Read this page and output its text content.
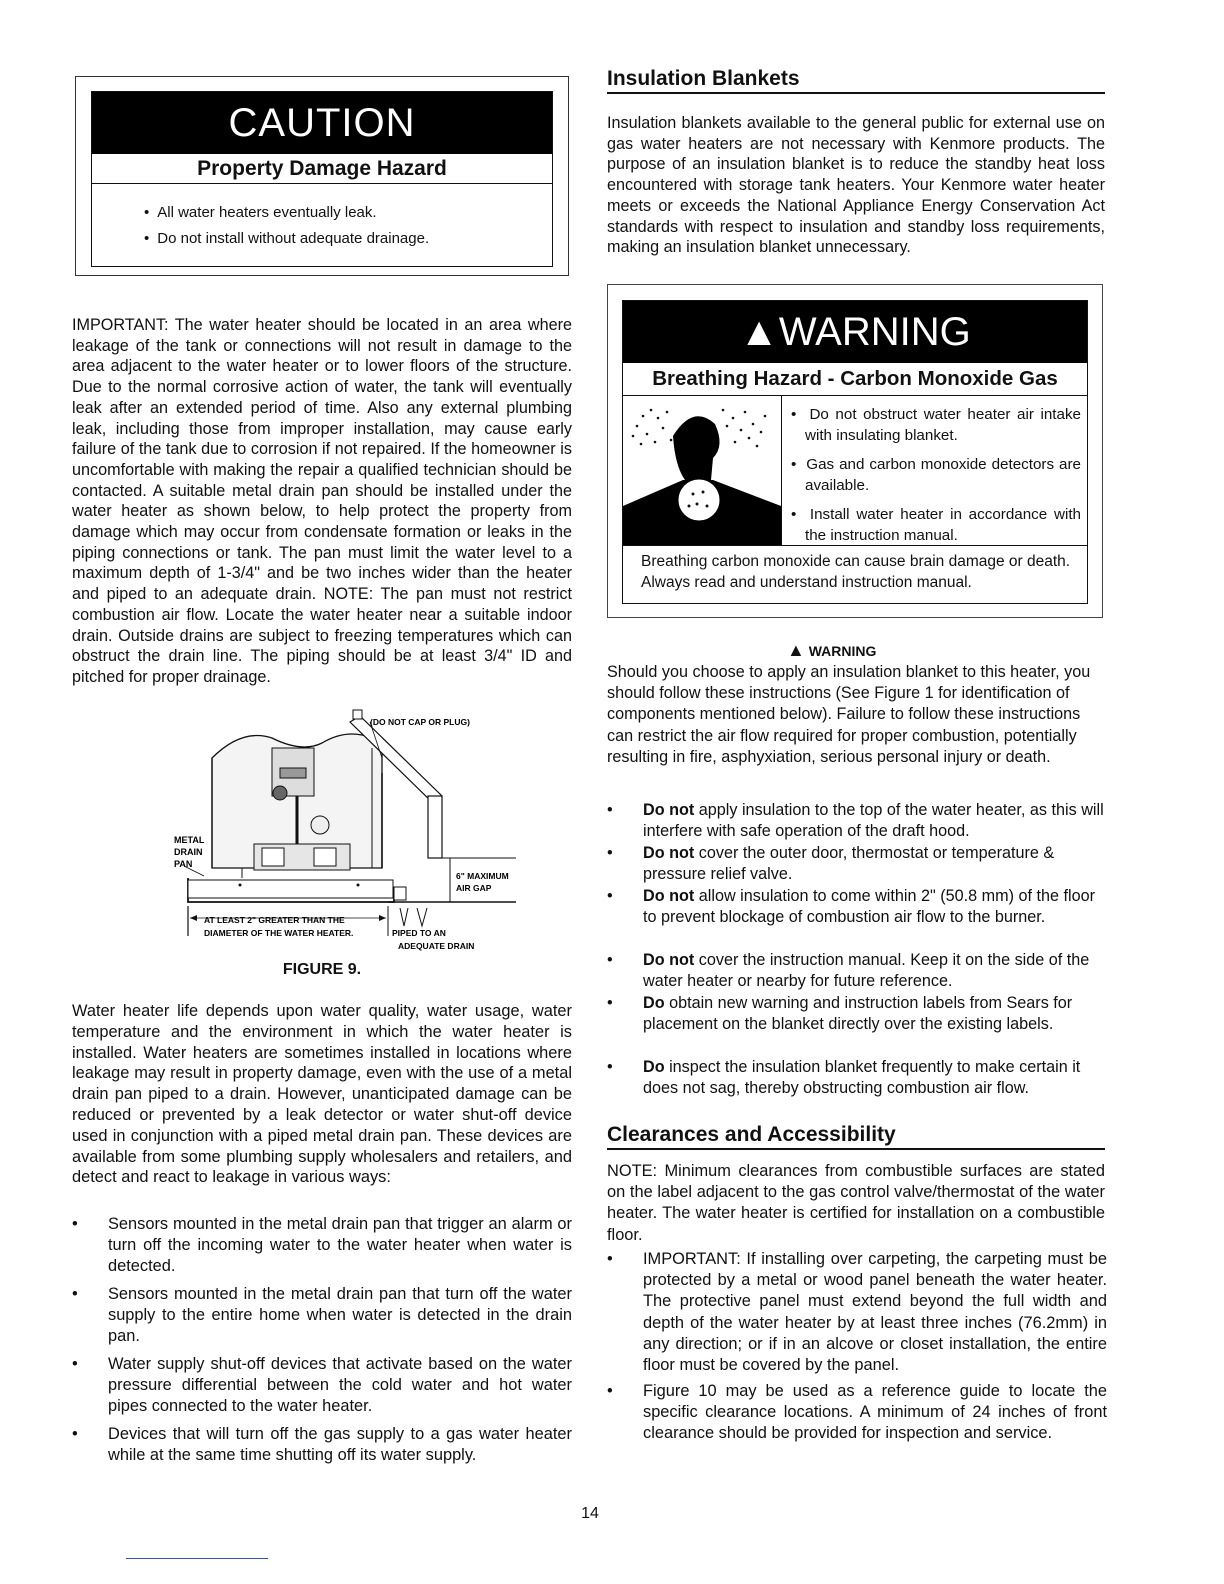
CAUTION
Property Damage Hazard
• All water heaters eventually leak.
• Do not install without adequate drainage.

IMPORTANT: The water heater should be located in an area where leakage of the tank or connections will not result in damage to the area adjacent to the water heater or to lower floors of the structure. Due to the normal corrosive action of water, the tank will eventually leak after an extended period of time. Also any external plumbing leak, including those from improper installation, may cause early failure of the tank due to corrosion if not repaired. If the homeowner is uncomfortable with making the repair a qualified technician should be contacted. A suitable metal drain pan should be installed under the water heater as shown below, to help protect the property from damage which may occur from condensate formation or leaks in the piping connections or tank. The pan must limit the water level to a maximum depth of 1-3/4" and be two inches wider than the heater and piped to an adequate drain. NOTE: The pan must not restrict combustion air flow. Locate the water heater near a suitable indoor drain. Outside drains are subject to freezing temperatures which can obstruct the drain line. The piping should be at least 3/4" ID and pitched for proper drainage.

(DO NOT CAP OR PLUG)
METAL
DRAIN
PAN
6" MAXIMUM
AIR GAP
AT LEAST 2" GREATER THAN THE
DIAMETER OF THE WATER HEATER.	PIPED TO AN
ADEQUATE DRAIN
FIGURE 9.

Water heater life depends upon water quality, water usage, water temperature and the environment in which the water heater is installed. Water heaters are sometimes installed in locations where leakage may result in property damage, even with the use of a metal drain pan piped to a drain. However, unanticipated damage can be reduced or prevented by a leak detector or water shut-off device used in conjunction with a piped metal drain pan. These devices are available from some plumbing supply wholesalers and retailers, and detect and react to leakage in various ways:

• Sensors mounted in the metal drain pan that trigger an alarm or turn off the incoming water to the water heater when water is detected.
• Sensors mounted in the metal drain pan that turn off the water supply to the entire home when water is detected in the drain pan.
• Water supply shut-off devices that activate based on the water pressure differential between the cold water and hot water pipes connected to the water heater.
• Devices that will turn off the gas supply to a gas water heater while at the same time shutting off its water supply.
Insulation Blankets

Insulation blankets available to the general public for external use on gas water heaters are not necessary with Kenmore products. The purpose of an insulation blanket is to reduce the standby heat loss encountered with storage tank heaters. Your Kenmore water heater meets or exceeds the National Appliance Energy Conservation Act standards with respect to insulation and standby loss requirements, making an insulation blanket unnecessary.

▲WARNING
Breathing Hazard - Carbon Monoxide Gas
•  Do not obstruct water heater air intake with insulating blanket.
•  Gas and carbon monoxide detectors are available.
•  Install water heater in accordance with the instruction manual.
Breathing carbon monoxide can cause brain damage or death. Always read and understand instruction manual.
▲ WARNING

Should you choose to apply an insulation blanket to this heater, you should follow these instructions (See Figure 1 for identification of components mentioned below). Failure to follow these instructions can restrict the air flow required for proper combustion, potentially resulting in fire, asphyxiation, serious personal injury or death.

• Do not apply insulation to the top of the water heater, as this will interfere with safe operation of the draft hood.
• Do not cover the outer door, thermostat or temperature & pressure relief valve.
• Do not allow insulation to come within 2" (50.8 mm) of the floor to prevent blockage of combustion air flow to the burner.
• Do not cover the instruction manual. Keep it on the side of the water heater or nearby for future reference.
• Do obtain new warning and instruction labels from Sears for placement on the blanket directly over the existing labels.
• Do inspect the insulation blanket frequently to make certain it does not sag, thereby obstructing combustion air flow.
Clearances and Accessibility

NOTE: Minimum clearances from combustible surfaces are stated on the label adjacent to the gas control valve/thermostat of the water heater. The water heater is certified for installation on a combustible floor.

• IMPORTANT: If installing over carpeting, the carpeting must be protected by a metal or wood panel beneath the water heater. The protective panel must extend beyond the full width and depth of the water heater by at least three inches (76.2mm) in any direction; or if in an alcove or closet installation, the entire floor must be covered by the panel.
• Figure 10 may be used as a reference guide to locate the specific clearance locations. A minimum of 24 inches of front clearance should be provided for inspection and service.
14
